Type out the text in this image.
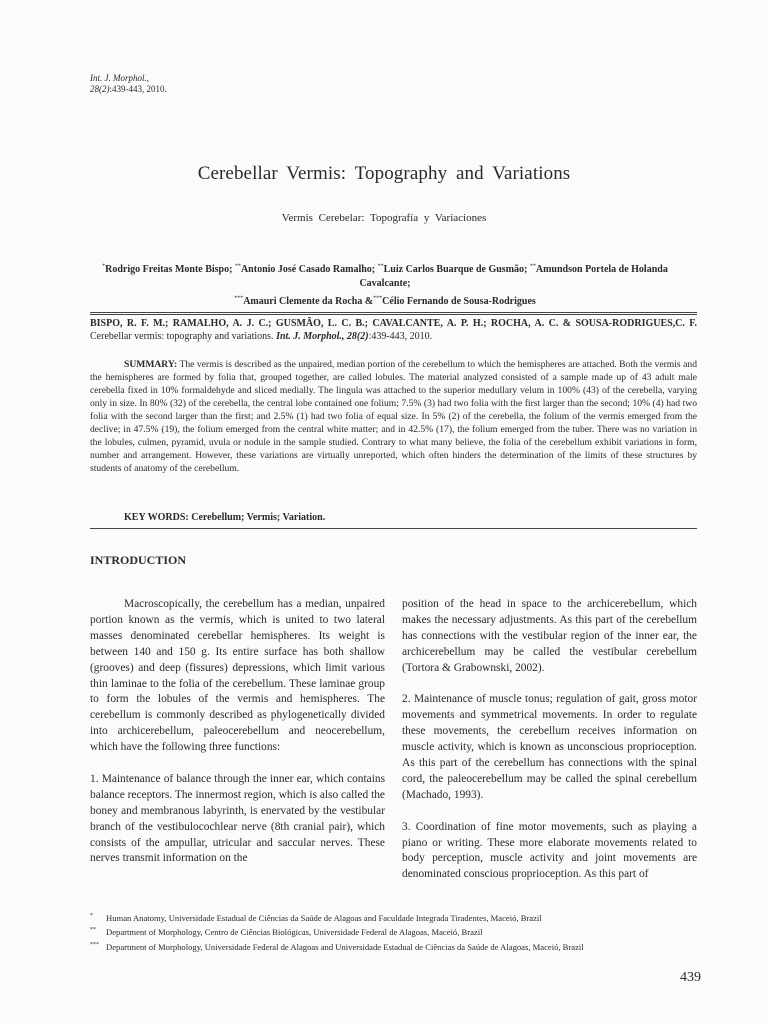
Int. J. Morphol.,
28(2):439-443, 2010.
Cerebellar Vermis: Topography and Variations
Vermis Cerebelar: Topografía y Variaciones
*Rodrigo Freitas Monte Bispo; **Antonio José Casado Ramalho; **Luiz Carlos Buarque de Gusmão; **Amundson Portela de Holanda Cavalcante;
***Amauri Clemente da Rocha &***Célio Fernando de Sousa-Rodrigues
BISPO, R. F. M.; RAMALHO, A. J. C.; GUSMÃO, L. C. B.; CAVALCANTE, A. P. H.; ROCHA, A. C. & SOUSA-RODRIGUES,C. F. Cerebellar vermis: topography and variations. Int. J. Morphol., 28(2):439-443, 2010.
SUMMARY: The vermis is described as the unpaired, median portion of the cerebellum to which the hemispheres are attached. Both the vermis and the hemispheres are formed by folia that, grouped together, are called lobules. The material analyzed consisted of a sample made up of 43 adult male cerebella fixed in 10% formaldehyde and sliced medially. The lingula was attached to the superior medullary velum in 100% (43) of the cerebella, varying only in size. In 80% (32) of the cerebella, the central lobe contained one folium; 7.5% (3) had two folia with the first larger than the second; 10% (4) had two folia with the second larger than the first; and 2.5% (1) had two folia of equal size. In 5% (2) of the cerebella, the folium of the vermis emerged from the declive; in 47.5% (19), the folium emerged from the central white matter; and in 42.5% (17), the folium emerged from the tuber. There was no variation in the lobules, culmen, pyramid, uvula or nodule in the sample studied. Contrary to what many believe, the folia of the cerebellum exhibit variations in form, number and arrangement. However, these variations are virtually unreported, which often hinders the determination of the limits of these structures by students of anatomy of the cerebellum.
KEY WORDS: Cerebellum; Vermis; Variation.
INTRODUCTION

Macroscopically, the cerebellum has a median, unpaired portion known as the vermis, which is united to two lateral masses denominated cerebellar hemispheres. Its weight is between 140 and 150 g. Its entire surface has both shallow (grooves) and deep (fissures) depressions, which limit various thin laminae to the folia of the cerebellum. These laminae group to form the lobules of the vermis and hemispheres. The cerebellum is commonly described as phylogenetically divided into archicerebellum, paleocerebellum and neocerebellum, which have the following three functions:

1. Maintenance of balance through the inner ear, which contains balance receptors. The innermost region, which is also called the boney and membranous labyrinth, is enervated by the vestibular branch of the vestibulocochlear nerve (8th cranial pair), which consists of the ampullar, utricular and saccular nerves. These nerves transmit information on the

position of the head in space to the archicerebellum, which makes the necessary adjustments. As this part of the cerebellum has connections with the vestibular region of the inner ear, the archicerebellum may be called the vestibular cerebellum (Tortora & Grabownski, 2002).

2. Maintenance of muscle tonus; regulation of gait, gross motor movements and symmetrical movements. In order to regulate these movements, the cerebellum receives information on muscle activity, which is known as unconscious proprioception. As this part of the cerebellum has connections with the spinal cord, the paleocerebellum may be called the spinal cerebellum (Machado, 1993).

3. Coordination of fine motor movements, such as playing a piano or writing. These more elaborate movements related to body perception, muscle activity and joint movements are denominated conscious proprioception. As this part of

* Human Anatomy, Universidade Estadual de Ciências da Saúde de Alagoas and Faculdade Integrada Tiradentes, Maceió, Brazil
** Department of Morphology, Centro de Ciências Biológicas, Universidade Federal de Alagoas, Maceió, Brazil
*** Department of Morphology, Universidade Federal de Alagoas and Universidade Estadual de Ciências da Saúde de Alagoas, Maceió, Brazil
439
